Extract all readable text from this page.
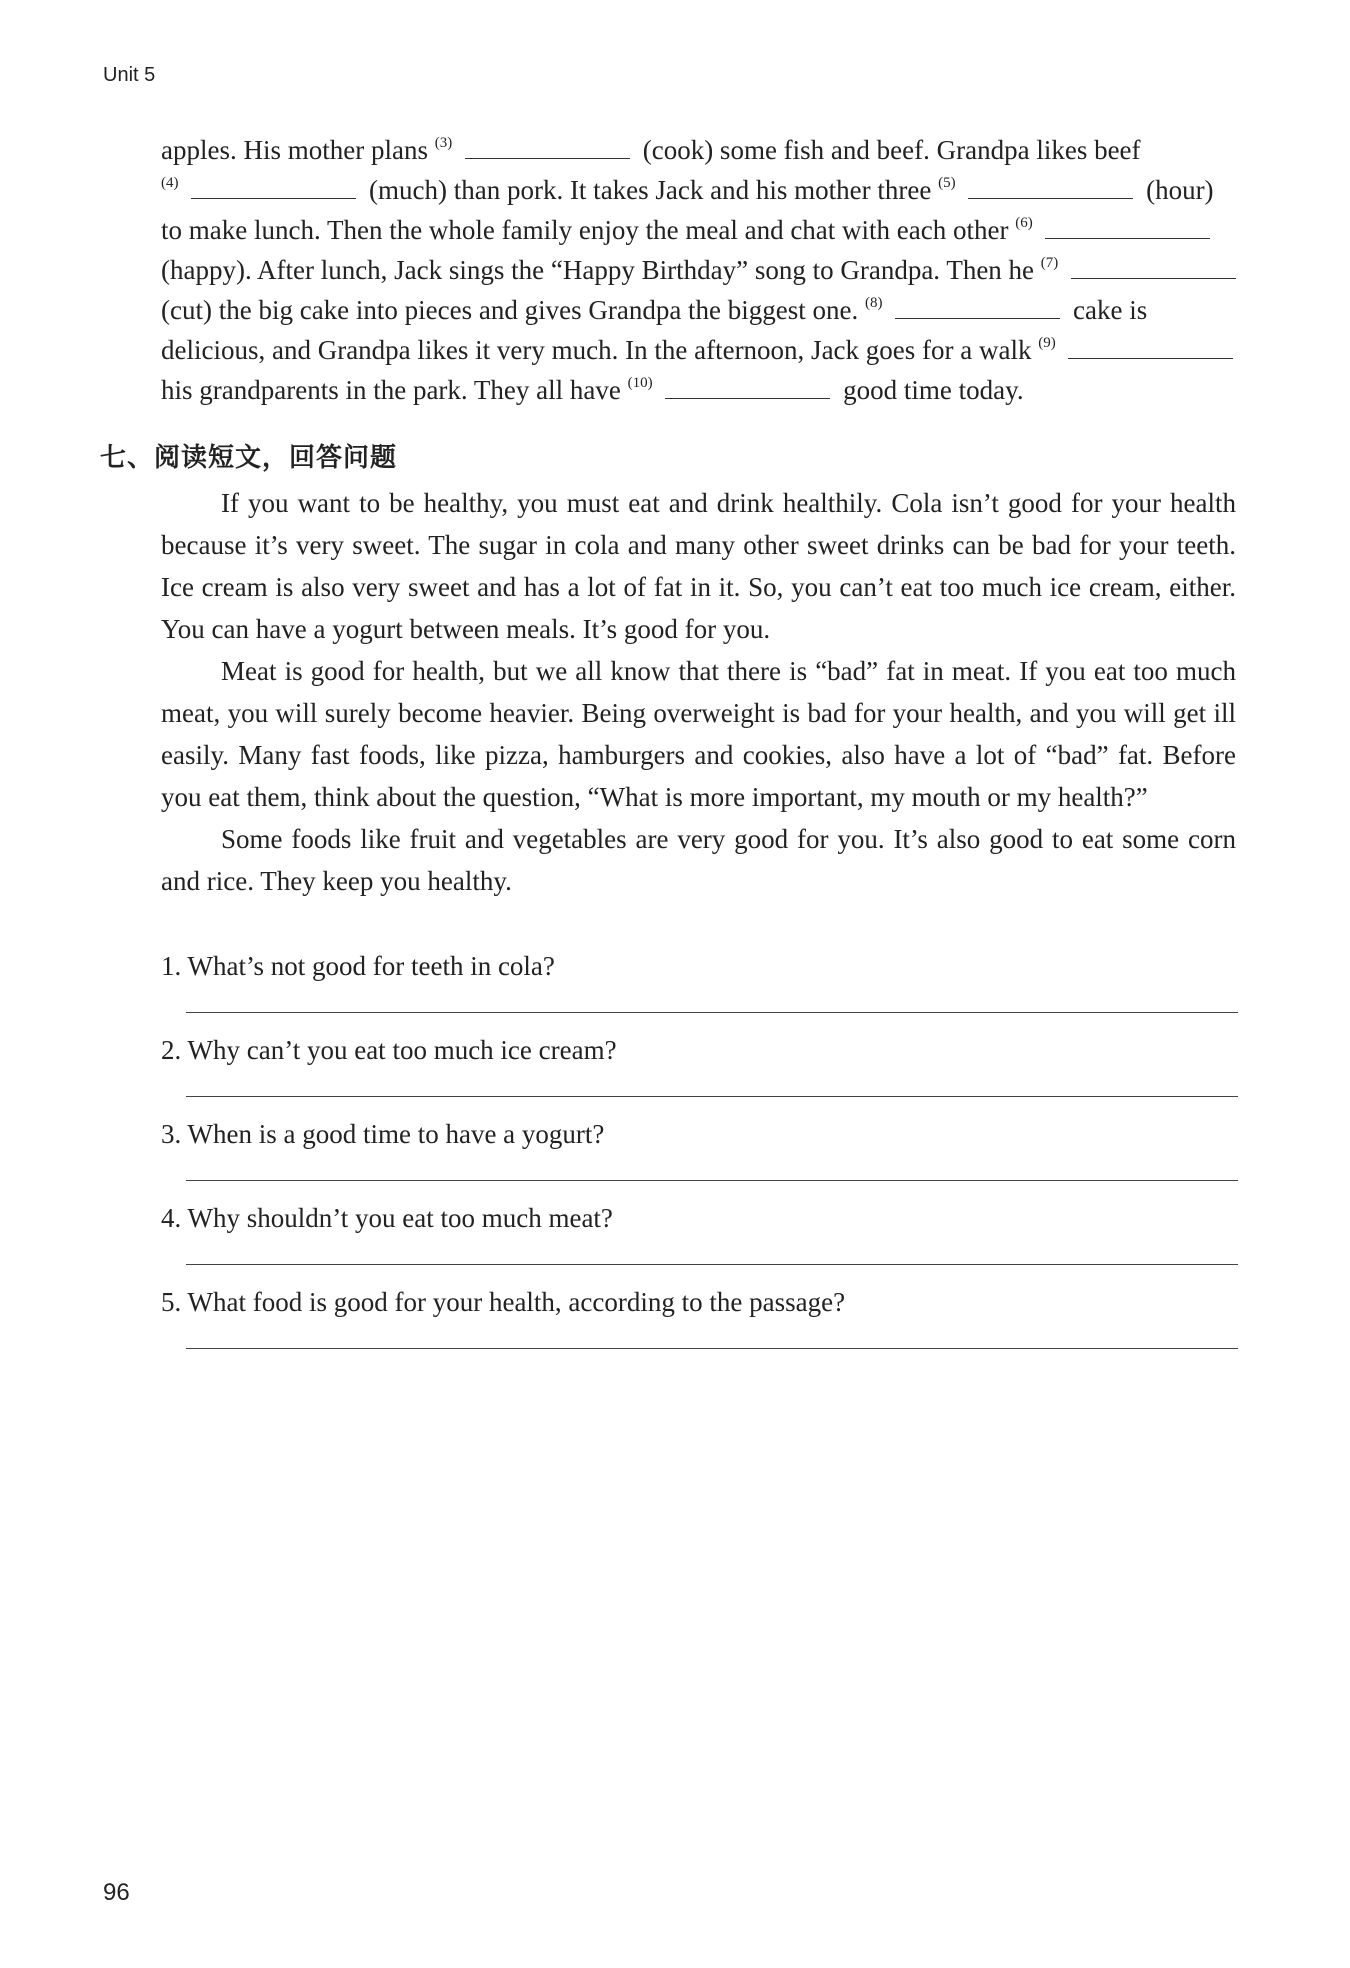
Unit 5
apples. His mother plans $^{(3)}$	(cook) some fish and beef. Grandpa likes beef
$^{(4)}$	(much) than pork. It takes Jack and his mother three $^{(5)}$	(hour)
to make lunch. Then the whole family enjoy the meal and chat with each other $^{(6)}$
(happy). After lunch, Jack sings the “Happy Birthday” song to Grandpa. Then he $^{(7)}$
(cut) the big cake into pieces and gives Grandpa the biggest one. $^{(8)}$	cake is
delicious, and Grandpa likes it very much. In the afternoon, Jack goes for a walk $^{(9)}$
his grandparents in the park. They all have $^{(10)}$	good time today.
七、阅读短文，回答问题

If you want to be healthy, you must eat and drink healthily. Cola isn’t good for your health because it’s very sweet. The sugar in cola and many other sweet drinks can be bad for your teeth. Ice cream is also very sweet and has a lot of fat in it. So, you can’t eat too much ice cream, either. You can have a yogurt between meals. It’s good for you.

Meat is good for health, but we all know that there is “bad” fat in meat. If you eat too much meat, you will surely become heavier. Being overweight is bad for your health, and you will get ill easily. Many fast foods, like pizza, hamburgers and cookies, also have a lot of “bad” fat. Before you eat them, think about the question, “What is more important, my mouth or my health?”

Some foods like fruit and vegetables are very good for you. It’s also good to eat some corn and rice. They keep you healthy.

1. What’s not good for teeth in cola?
2. Why can’t you eat too much ice cream?
3. When is a good time to have a yogurt?
4. Why shouldn’t you eat too much meat?
5. What food is good for your health, according to the passage?
96
